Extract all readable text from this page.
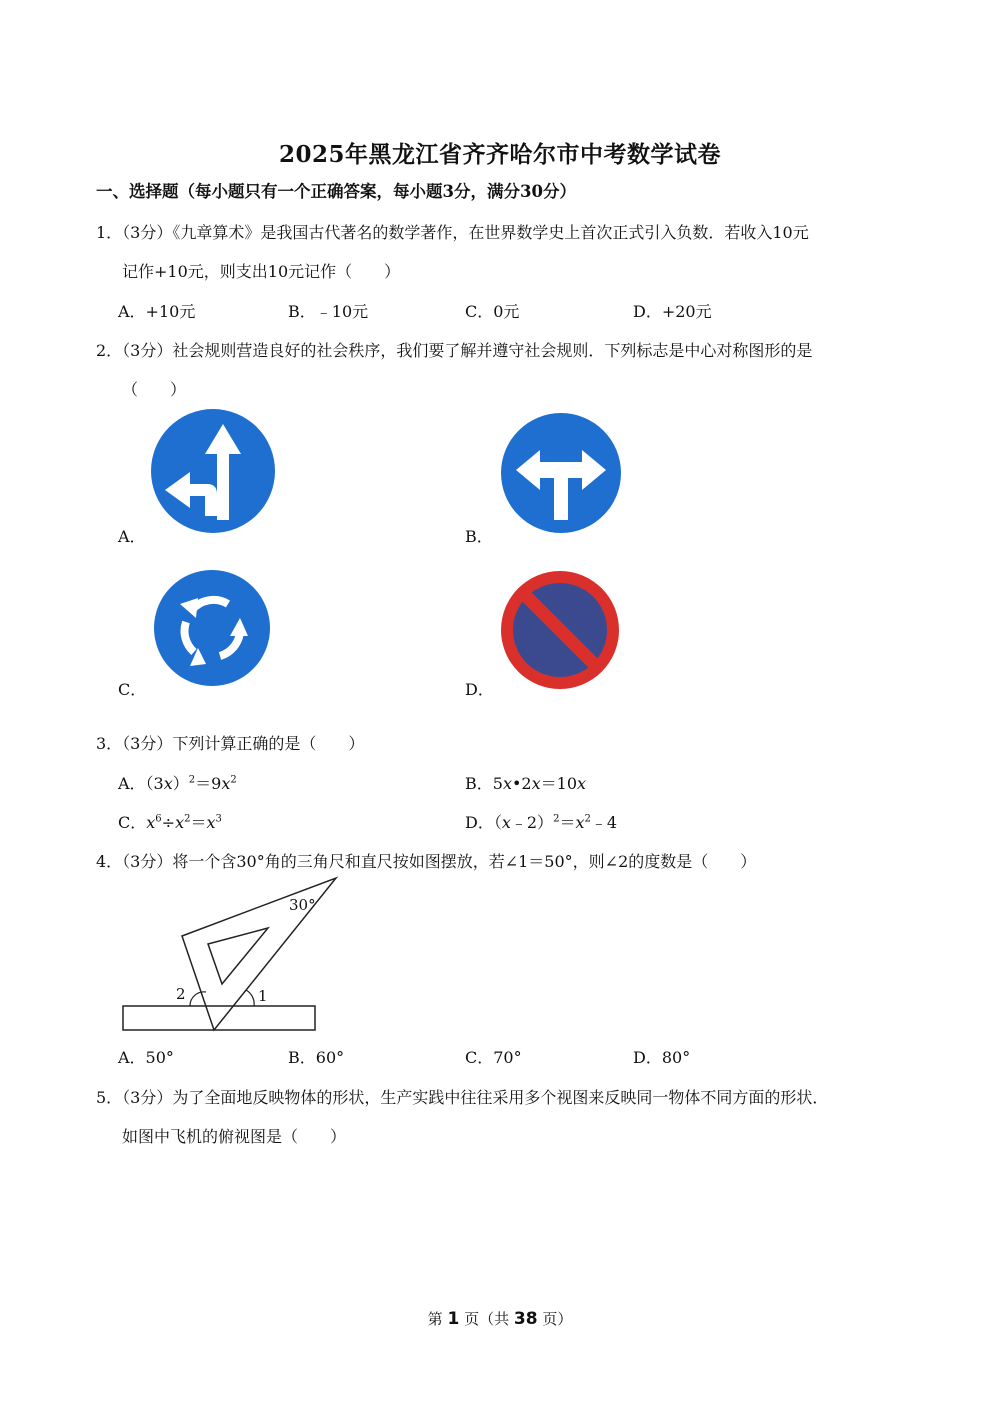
2025年黑龙江省齐齐哈尔市中考数学试卷
一、选择题（每小题只有一个正确答案，每小题3分，满分30分）
1．（3分）《九章算术》是我国古代著名的数学著作，在世界数学史上首次正式引入负数．若收入10元
记作+10元，则支出10元记作（　　）
A．+10元	B．﹣10元	C．0元	D．+20元
2．（3分）社会规则营造良好的社会秩序，我们要了解并遵守社会规则．下列标志是中心对称图形的是
（　　）
A．	B．
C．	D．
3．（3分）下列计算正确的是（　　）
A．$(3x)^2=9x^2$	B．5x•2x＝10x
C．$x^6\div x^2=x^3$	D．$(x﹣2)^2=x^2﹣4$
4．（3分）将一个含30°角的三角尺和直尺按如图摆放，若∠1＝50°，则∠2的度数是（　　）
30°
2	1
A．50°	B．60°	C．70°	D．80°
5．（3分）为了全面地反映物体的形状，生产实践中往往采用多个视图来反映同一物体不同方面的形状．
如图中飞机的俯视图是（　　）
第 1 页（共 38 页）
